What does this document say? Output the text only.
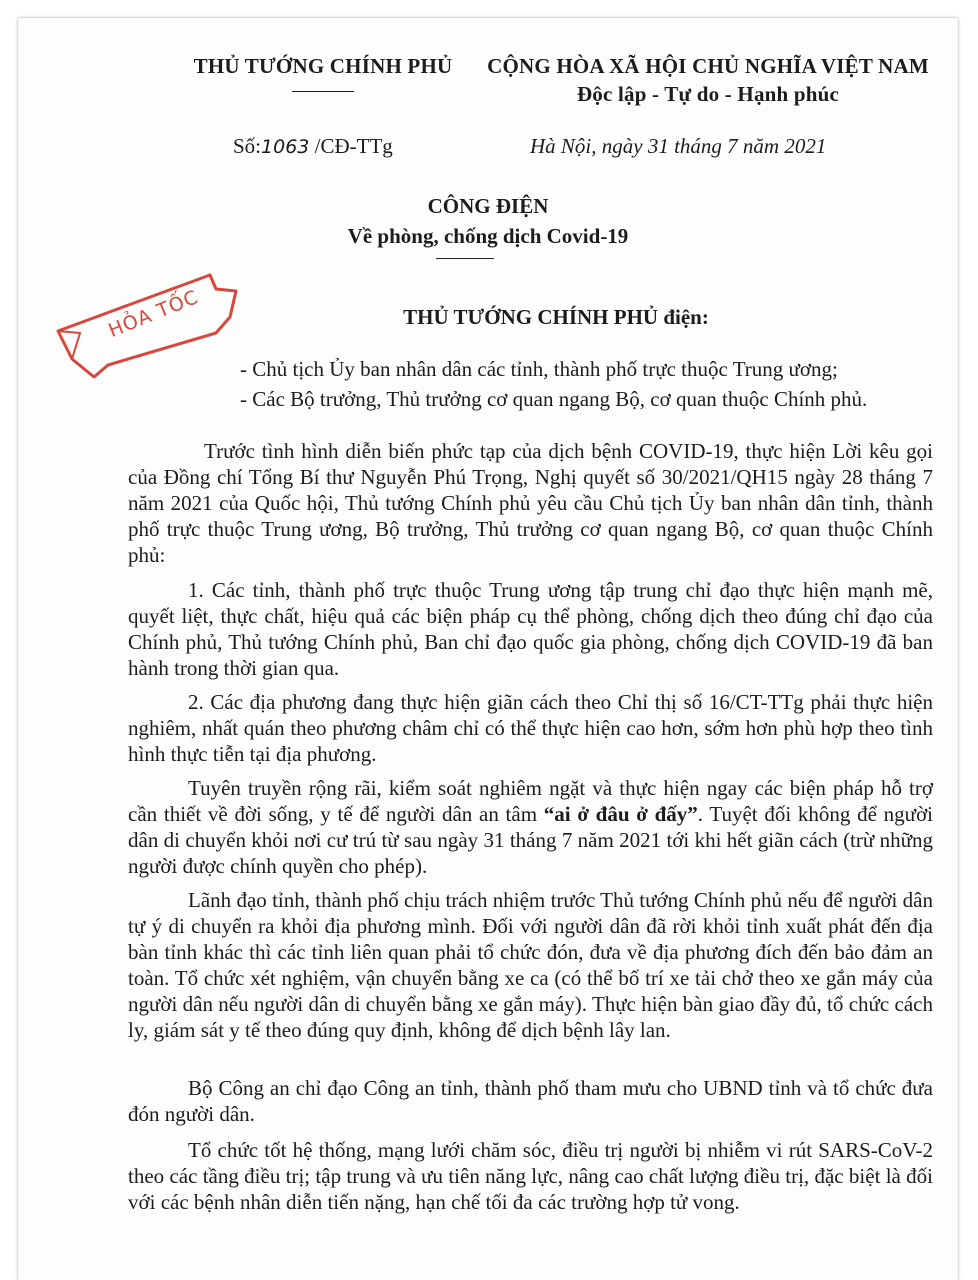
THỦ TƯỚNG CHÍNH PHỦ	CỘNG HÒA XÃ HỘI CHỦ NGHĨA VIỆT NAM
Độc lập - Tự do - Hạnh phúc
Số:1063 /CĐ-TTg	Hà Nội, ngày 31 tháng 7 năm 2021
CÔNG ĐIỆN
Về phòng, chống dịch Covid-19
HỎA TỐC	THỦ TƯỚNG CHÍNH PHỦ điện:
- Chủ tịch Ủy ban nhân dân các tỉnh, thành phố trực thuộc Trung ương;
- Các Bộ trưởng, Thủ trưởng cơ quan ngang Bộ, cơ quan thuộc Chính phủ.
Trước tình hình diễn biến phức tạp của dịch bệnh COVID-19, thực hiện Lời kêu gọi của Đồng chí Tổng Bí thư Nguyễn Phú Trọng, Nghị quyết số 30/2021/QH15 ngày 28 tháng 7 năm 2021 của Quốc hội, Thủ tướng Chính phủ yêu cầu Chủ tịch Ủy ban nhân dân tỉnh, thành phố trực thuộc Trung ương, Bộ trưởng, Thủ trưởng cơ quan ngang Bộ, cơ quan thuộc Chính phủ:
1. Các tỉnh, thành phố trực thuộc Trung ương tập trung chỉ đạo thực hiện mạnh mẽ, quyết liệt, thực chất, hiệu quả các biện pháp cụ thể phòng, chống dịch theo đúng chỉ đạo của Chính phủ, Thủ tướng Chính phủ, Ban chỉ đạo quốc gia phòng, chống dịch COVID-19 đã ban hành trong thời gian qua.
2. Các địa phương đang thực hiện giãn cách theo Chỉ thị số 16/CT-TTg phải thực hiện nghiêm, nhất quán theo phương châm chỉ có thể thực hiện cao hơn, sớm hơn phù hợp theo tình hình thực tiễn tại địa phương.
Tuyên truyền rộng rãi, kiểm soát nghiêm ngặt và thực hiện ngay các biện pháp hỗ trợ cần thiết về đời sống, y tế để người dân an tâm “ai ở đâu ở đấy”. Tuyệt đối không để người dân di chuyển khỏi nơi cư trú từ sau ngày 31 tháng 7 năm 2021 tới khi hết giãn cách (trừ những người được chính quyền cho phép).
Lãnh đạo tỉnh, thành phố chịu trách nhiệm trước Thủ tướng Chính phủ nếu để người dân tự ý di chuyển ra khỏi địa phương mình. Đối với người dân đã rời khỏi tỉnh xuất phát đến địa bàn tỉnh khác thì các tỉnh liên quan phải tổ chức đón, đưa về địa phương đích đến bảo đảm an toàn. Tổ chức xét nghiệm, vận chuyển bằng xe ca (có thể bố trí xe tải chở theo xe gắn máy của người dân nếu người dân di chuyển bằng xe gắn máy). Thực hiện bàn giao đầy đủ, tổ chức cách ly, giám sát y tế theo đúng quy định, không để dịch bệnh lây lan.
Bộ Công an chỉ đạo Công an tỉnh, thành phố tham mưu cho UBND tỉnh và tổ chức đưa đón người dân.
Tổ chức tốt hệ thống, mạng lưới chăm sóc, điều trị người bị nhiễm vi rút SARS-CoV-2 theo các tầng điều trị; tập trung và ưu tiên năng lực, nâng cao chất lượng điều trị, đặc biệt là đối với các bệnh nhân diễn tiến nặng, hạn chế tối đa các trường hợp tử vong.
